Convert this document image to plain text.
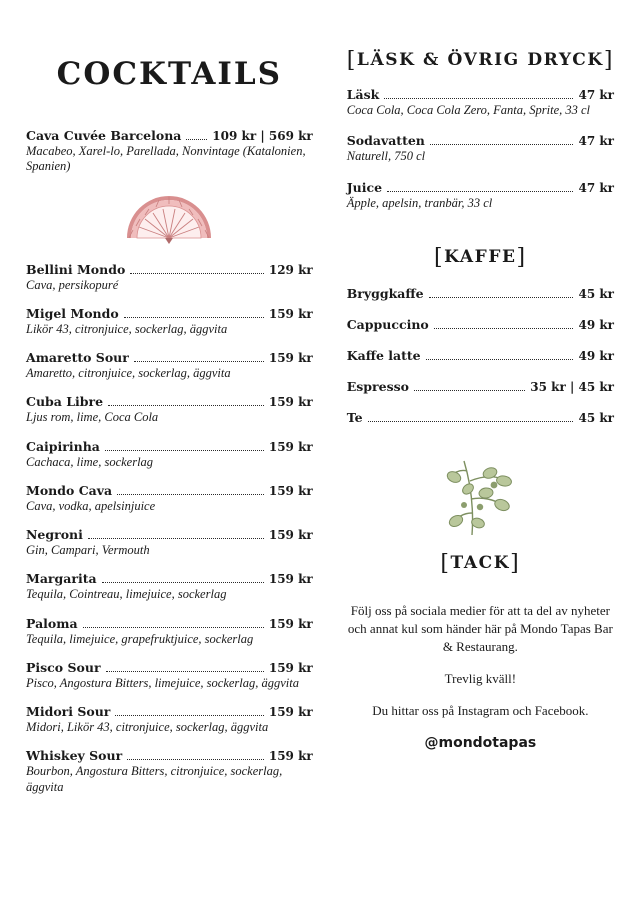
COCKTAILS
Cava Cuvée Barcelona	109 kr | 569 kr
Macabeo, Xarel-lo, Parellada, Nonvintage (Katalonien, Spanien)
Bellini Mondo	129 kr
Cava, persikopuré
Migel Mondo	159 kr
Likör 43, citronjuice, sockerlag, äggvita
Amaretto Sour	159 kr
Amaretto, citronjuice, sockerlag, äggvita
Cuba Libre	159 kr
Ljus rom, lime, Coca Cola
Caipirinha	159 kr
Cachaca, lime, sockerlag
Mondo Cava	159 kr
Cava, vodka, apelsinjuice
Negroni	159 kr
Gin, Campari, Vermouth
Margarita	159 kr
Tequila, Cointreau, limejuice, sockerlag
Paloma	159 kr
Tequila, limejuice, grapefruktjuice, sockerlag
Pisco Sour	159 kr
Pisco, Angostura Bitters, limejuice, sockerlag, äggvita
Midori Sour	159 kr
Midori, Likör 43, citronjuice, sockerlag, äggvita
Whiskey Sour	159 kr
Bourbon, Angostura Bitters, citronjuice, sockerlag, äggvita
[LÄSK & ÖVRIG DRYCK]
Läsk	47 kr
Coca Cola, Coca Cola Zero, Fanta, Sprite, 33 cl
Sodavatten	47 kr
Naturell, 750 cl
Juice	47 kr
Äpple, apelsin, tranbär, 33 cl
[KAFFE]
Bryggkaffe	45 kr
Cappuccino	49 kr
Kaffe latte	49 kr
Espresso	35 kr | 45 kr
Te	45 kr
[TACK]

Följ oss på sociala medier för att ta del av nyheter och annat kul som händer här på Mondo Tapas Bar & Restaurang.

Trevlig kväll!

Du hittar oss på Instagram och Facebook.

@mondotapas
